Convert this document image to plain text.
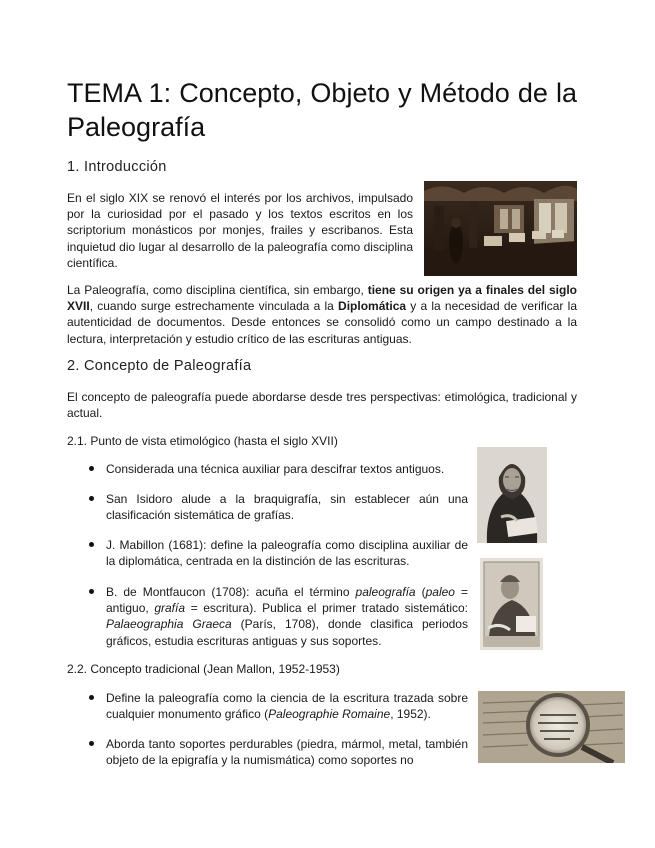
TEMA 1: Concepto, Objeto y Método de la
Paleografía
1. Introducción

En el siglo XIX se renovó el interés por los archivos, impulsado por la curiosidad por el pasado y los textos escritos en los scriptorium monásticos por monjes, frailes y escribanos. Esta inquietud dio lugar al desarrollo de la paleografía como disciplina científica.

La Paleografía, como disciplina científica, sin embargo, tiene su origen ya a finales del siglo XVII, cuando surge estrechamente vinculada a la Diplomática y a la necesidad de verificar la autenticidad de documentos. Desde entonces se consolidó como un campo destinado a la lectura, interpretación y estudio crítico de las escrituras antiguas.

2. Concepto de Paleografía

El concepto de paleografía puede abordarse desde tres perspectivas: etimológica, tradicional y actual.

2.1. Punto de vista etimológico (hasta el siglo XVII)
Considerada una técnica auxiliar para descifrar textos antiguos.
San Isidoro alude a la braquigrafía, sin establecer aún una clasificación sistemática de grafías.
J. Mabillon (1681): define la paleografía como disciplina auxiliar de la diplomática, centrada en la distinción de las escrituras.
B. de Montfaucon (1708): acuña el término paleografía (paleo = antiguo, grafía = escritura). Publica el primer tratado sistemático: Palaeographia Graeca (París, 1708), donde clasifica periodos gráficos, estudia escrituras antiguas y sus soportes.
2.2. Concepto tradicional (Jean Mallon, 1952-1953)
Define la paleografía como la ciencia de la escritura trazada sobre cualquier monumento gráfico (Paleographie Romaine, 1952).
Aborda tanto soportes perdurables (piedra, mármol, metal, también objeto de la epigrafía y la numismática) como soportes no
